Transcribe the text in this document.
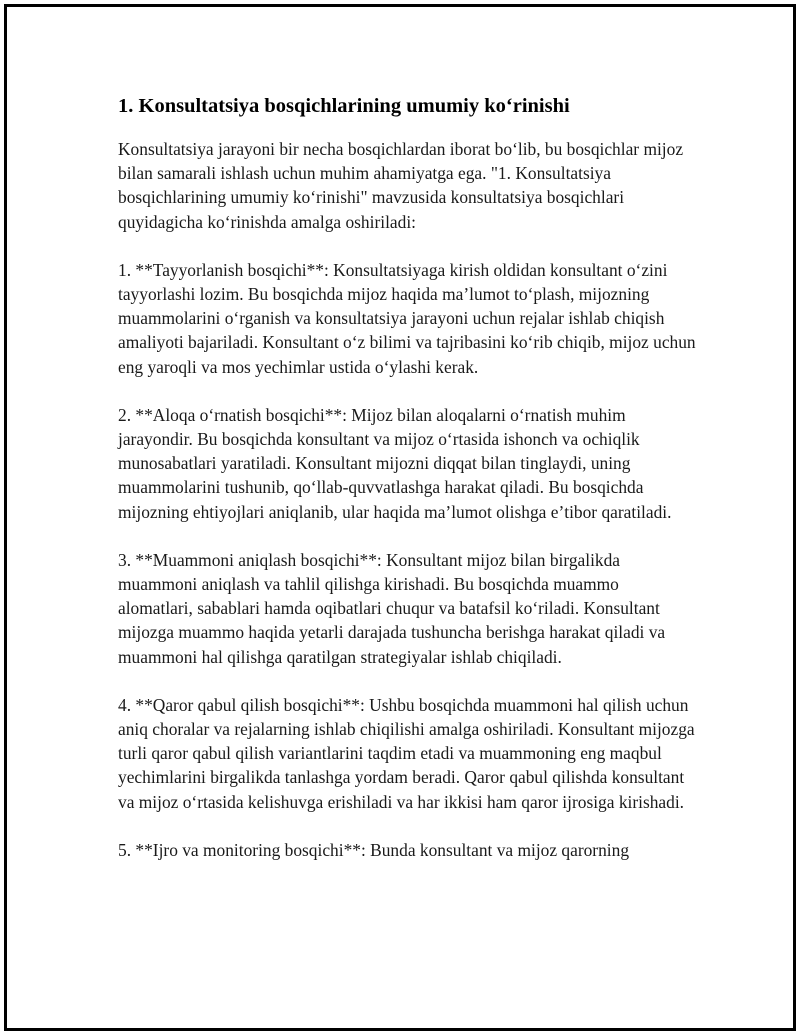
1. Konsultatsiya bosqichlarining umumiy koʻrinishi

Konsultatsiya jarayoni bir necha bosqichlardan iborat boʻlib, bu bosqichlar mijoz bilan samarali ishlash uchun muhim ahamiyatga ega. "1. Konsultatsiya bosqichlarining umumiy koʻrinishi" mavzusida konsultatsiya bosqichlari quyidagicha koʻrinishda amalga oshiriladi:

1. **Tayyorlanish bosqichi**: Konsultatsiyaga kirish oldidan konsultant oʻzini tayyorlashi lozim. Bu bosqichda mijoz haqida maʼlumot toʻplash, mijozning muammolarini oʻrganish va konsultatsiya jarayoni uchun rejalar ishlab chiqish amaliyoti bajariladi. Konsultant oʻz bilimi va tajribasini koʻrib chiqib, mijoz uchun eng yaroqli va mos yechimlar ustida oʻylashi kerak.

2. **Aloqa oʻrnatish bosqichi**: Mijoz bilan aloqalarni oʻrnatish muhim jarayondir. Bu bosqichda konsultant va mijoz oʻrtasida ishonch va ochiqlik munosabatlari yaratiladi. Konsultant mijozni diqqat bilan tinglaydi, uning muammolarini tushunib, qoʻllab-quvvatlashga harakat qiladi. Bu bosqichda mijozning ehtiyojlari aniqlanib, ular haqida maʼlumot olishga eʼtibor qaratiladi.

3. **Muammoni aniqlash bosqichi**: Konsultant mijoz bilan birgalikda muammoni aniqlash va tahlil qilishga kirishadi. Bu bosqichda muammo alomatlari, sabablari hamda oqibatlari chuqur va batafsil koʻriladi. Konsultant mijozga muammo haqida yetarli darajada tushuncha berishga harakat qiladi va muammoni hal qilishga qaratilgan strategiyalar ishlab chiqiladi.

4. **Qaror qabul qilish bosqichi**: Ushbu bosqichda muammoni hal qilish uchun aniq choralar va rejalarning ishlab chiqilishi amalga oshiriladi. Konsultant mijozga turli qaror qabul qilish variantlarini taqdim etadi va muammoning eng maqbul yechimlarini birgalikda tanlashga yordam beradi. Qaror qabul qilishda konsultant va mijoz oʻrtasida kelishuvga erishiladi va har ikkisi ham qaror ijrosiga kirishadi.

5. **Ijro va monitoring bosqichi**: Bunda konsultant va mijoz qarorning
